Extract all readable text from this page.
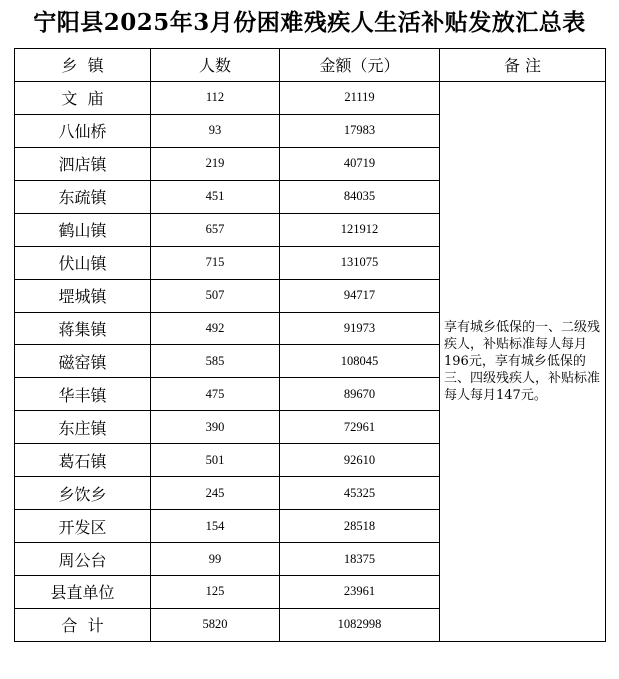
宁阳县2025年3月份困难残疾人生活补贴发放汇总表
乡  镇	人数	金额（元）	备 注
文  庙	112	21119	享有城乡低保的一、二级残疾人，补贴标准每人每月196元，享有城乡低保的三、四级残疾人，补贴标准每人每月147元。
八仙桥	93	17983	
泗店镇	219	40719	
东疏镇	451	84035	
鹤山镇	657	121912	
伏山镇	715	131075	
堽城镇	507	94717	
蒋集镇	492	91973	
磁窑镇	585	108045	
华丰镇	475	89670	
东庄镇	390	72961	
葛石镇	501	92610	
乡饮乡	245	45325	
开发区	154	28518	
周公台	99	18375	
县直单位	125	23961	
合  计	5820	1082998	
